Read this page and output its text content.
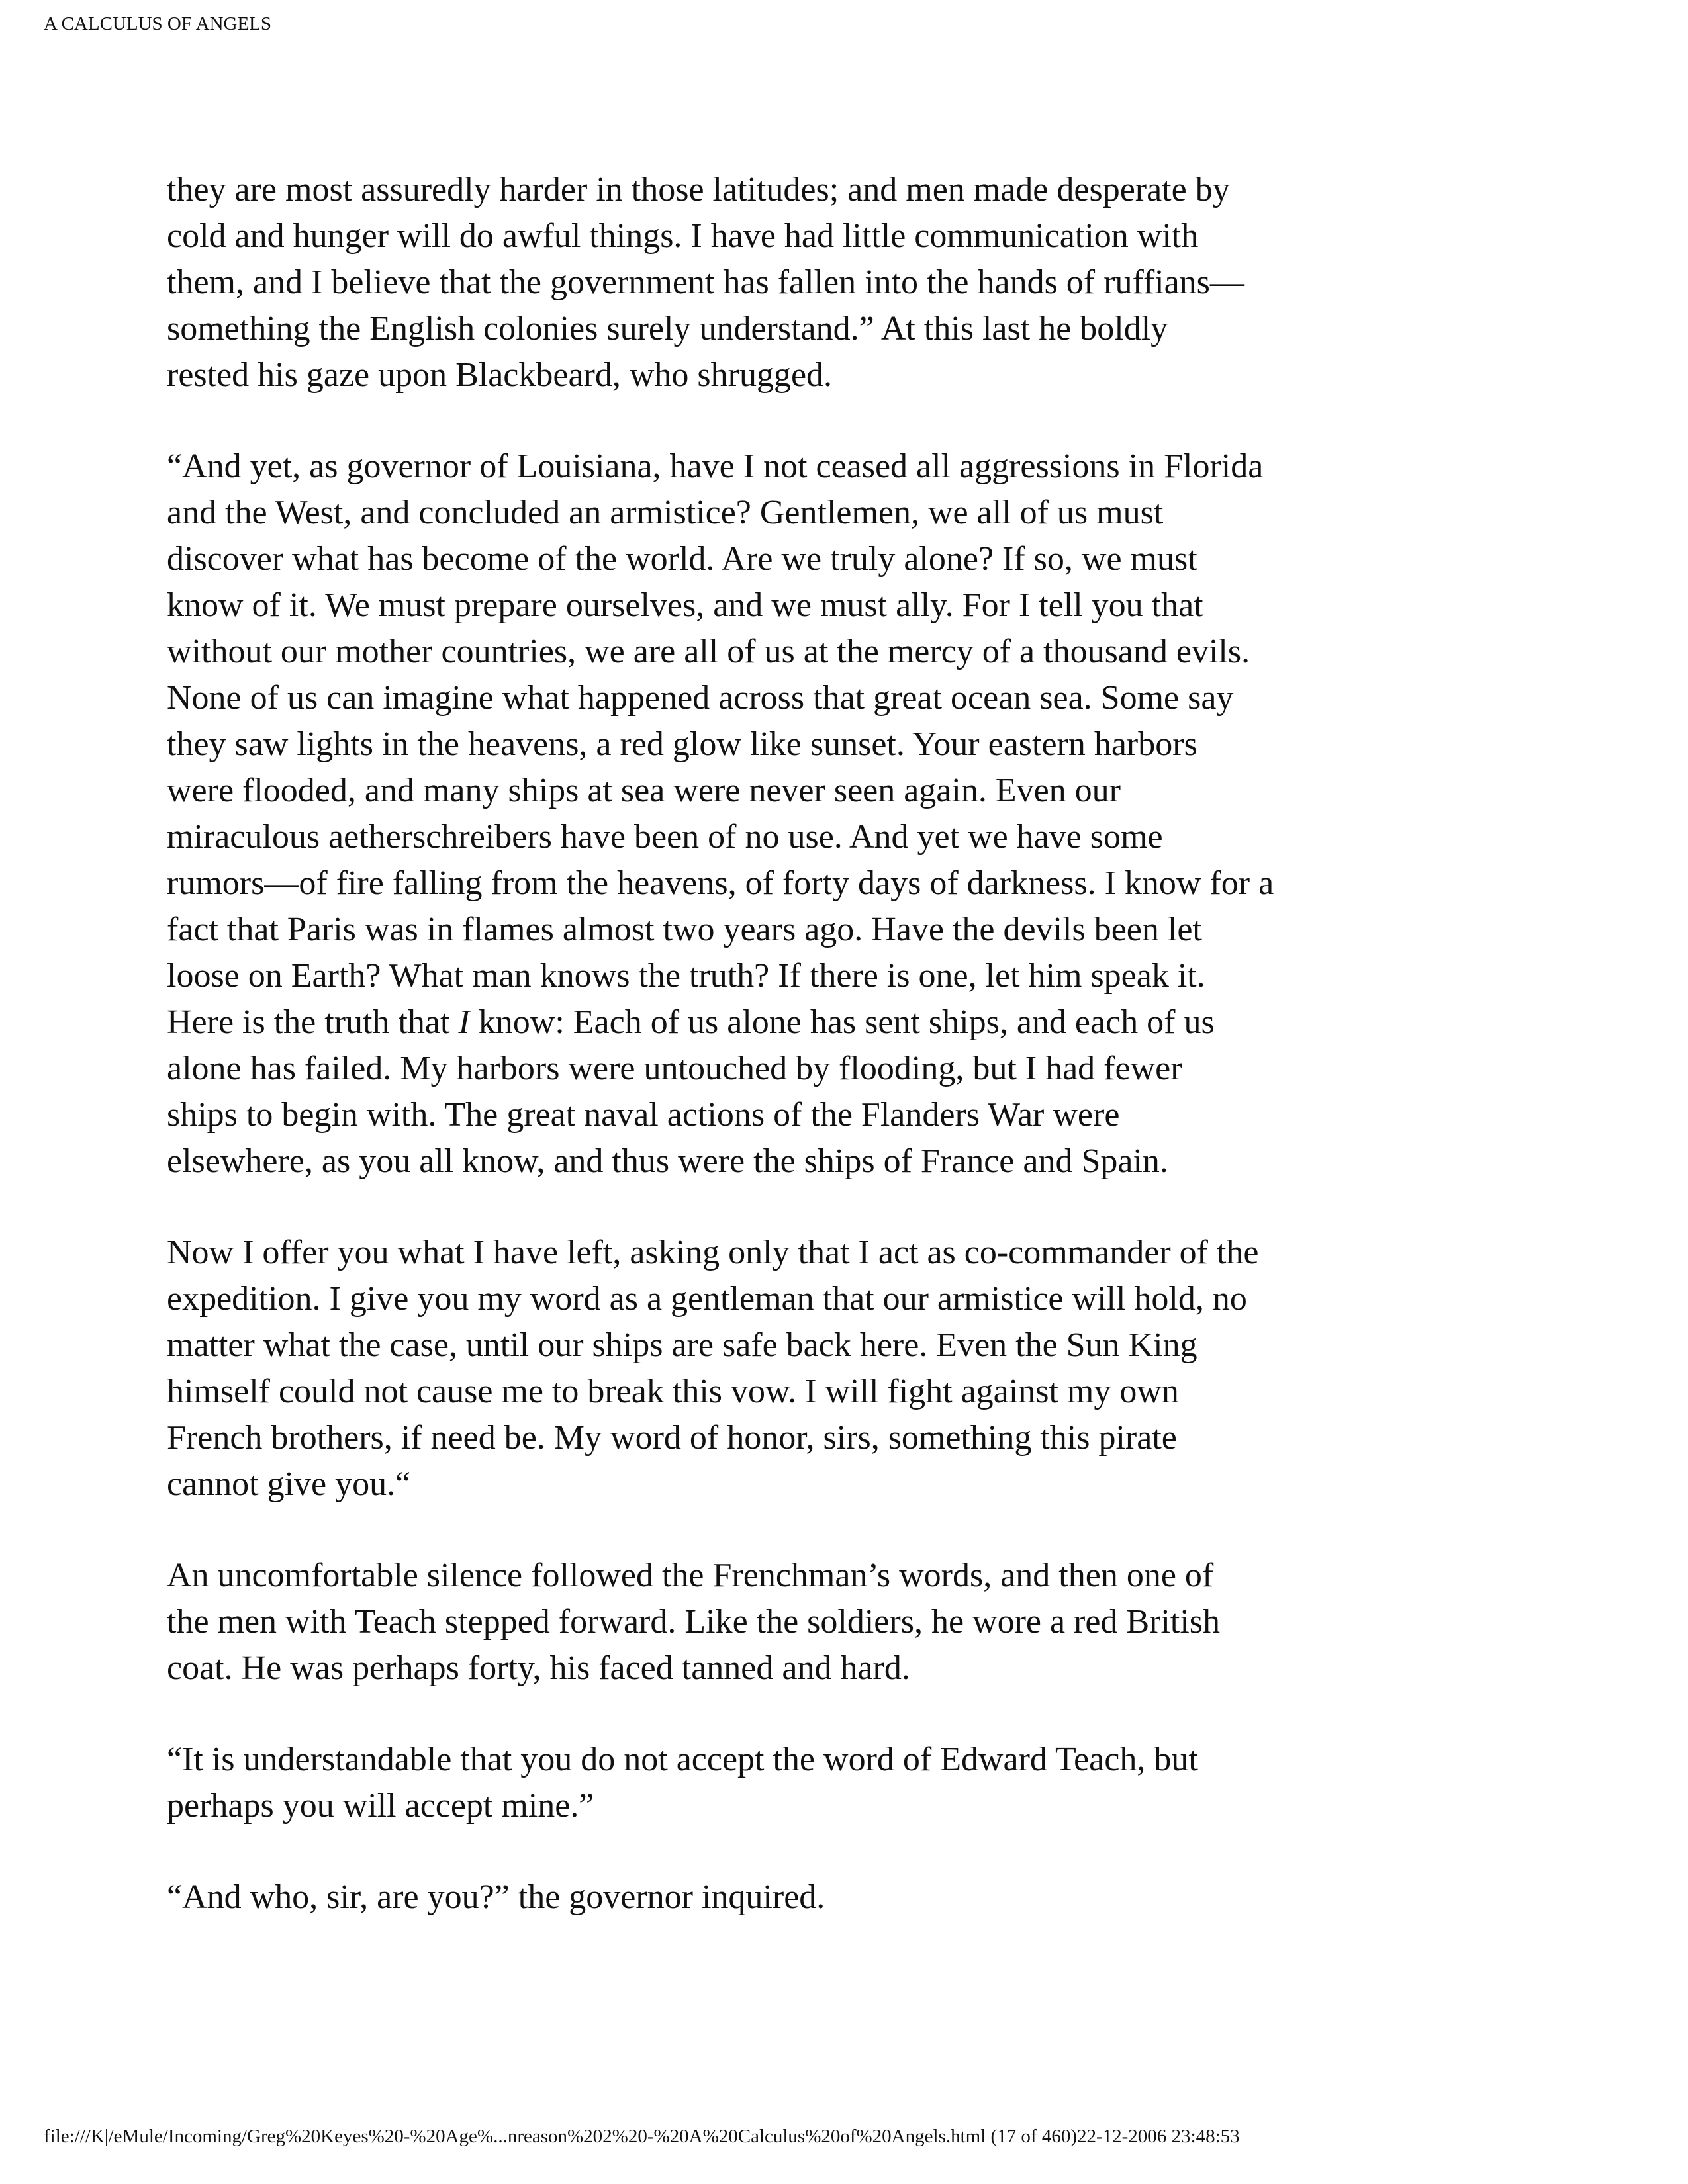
A CALCULUS OF ANGELS
they are most assuredly harder in those latitudes; and men made desperate by
cold and hunger will do awful things. I have had little communication with
them, and I believe that the government has fallen into the hands of ruffians—
something the English colonies surely understand.” At this last he boldly
rested his gaze upon Blackbeard, who shrugged.
“And yet, as governor of Louisiana, have I not ceased all aggressions in Florida
and the West, and concluded an armistice? Gentlemen, we all of us must
discover what has become of the world. Are we truly alone? If so, we must
know of it. We must prepare ourselves, and we must ally. For I tell you that
without our mother countries, we are all of us at the mercy of a thousand evils.
None of us can imagine what happened across that great ocean sea. Some say
they saw lights in the heavens, a red glow like sunset. Your eastern harbors
were flooded, and many ships at sea were never seen again. Even our
miraculous aetherschreibers have been of no use. And yet we have some
rumors—of fire falling from the heavens, of forty days of darkness. I know for a
fact that Paris was in flames almost two years ago. Have the devils been let
loose on Earth? What man knows the truth? If there is one, let him speak it.
Here is the truth that I know: Each of us alone has sent ships, and each of us
alone has failed. My harbors were untouched by flooding, but I had fewer
ships to begin with. The great naval actions of the Flanders War were
elsewhere, as you all know, and thus were the ships of France and Spain.
Now I offer you what I have left, asking only that I act as co-commander of the
expedition. I give you my word as a gentleman that our armistice will hold, no
matter what the case, until our ships are safe back here. Even the Sun King
himself could not cause me to break this vow. I will fight against my own
French brothers, if need be. My word of honor, sirs, something this pirate
cannot give you.“
An uncomfortable silence followed the Frenchman’s words, and then one of
the men with Teach stepped forward. Like the soldiers, he wore a red British
coat. He was perhaps forty, his faced tanned and hard.
“It is understandable that you do not accept the word of Edward Teach, but
perhaps you will accept mine.”
“And who, sir, are you?” the governor inquired.
file:///K|/eMule/Incoming/Greg%20Keyes%20-%20Age%...nreason%202%20-%20A%20Calculus%20of%20Angels.html (17 of 460)22-12-2006 23:48:53
